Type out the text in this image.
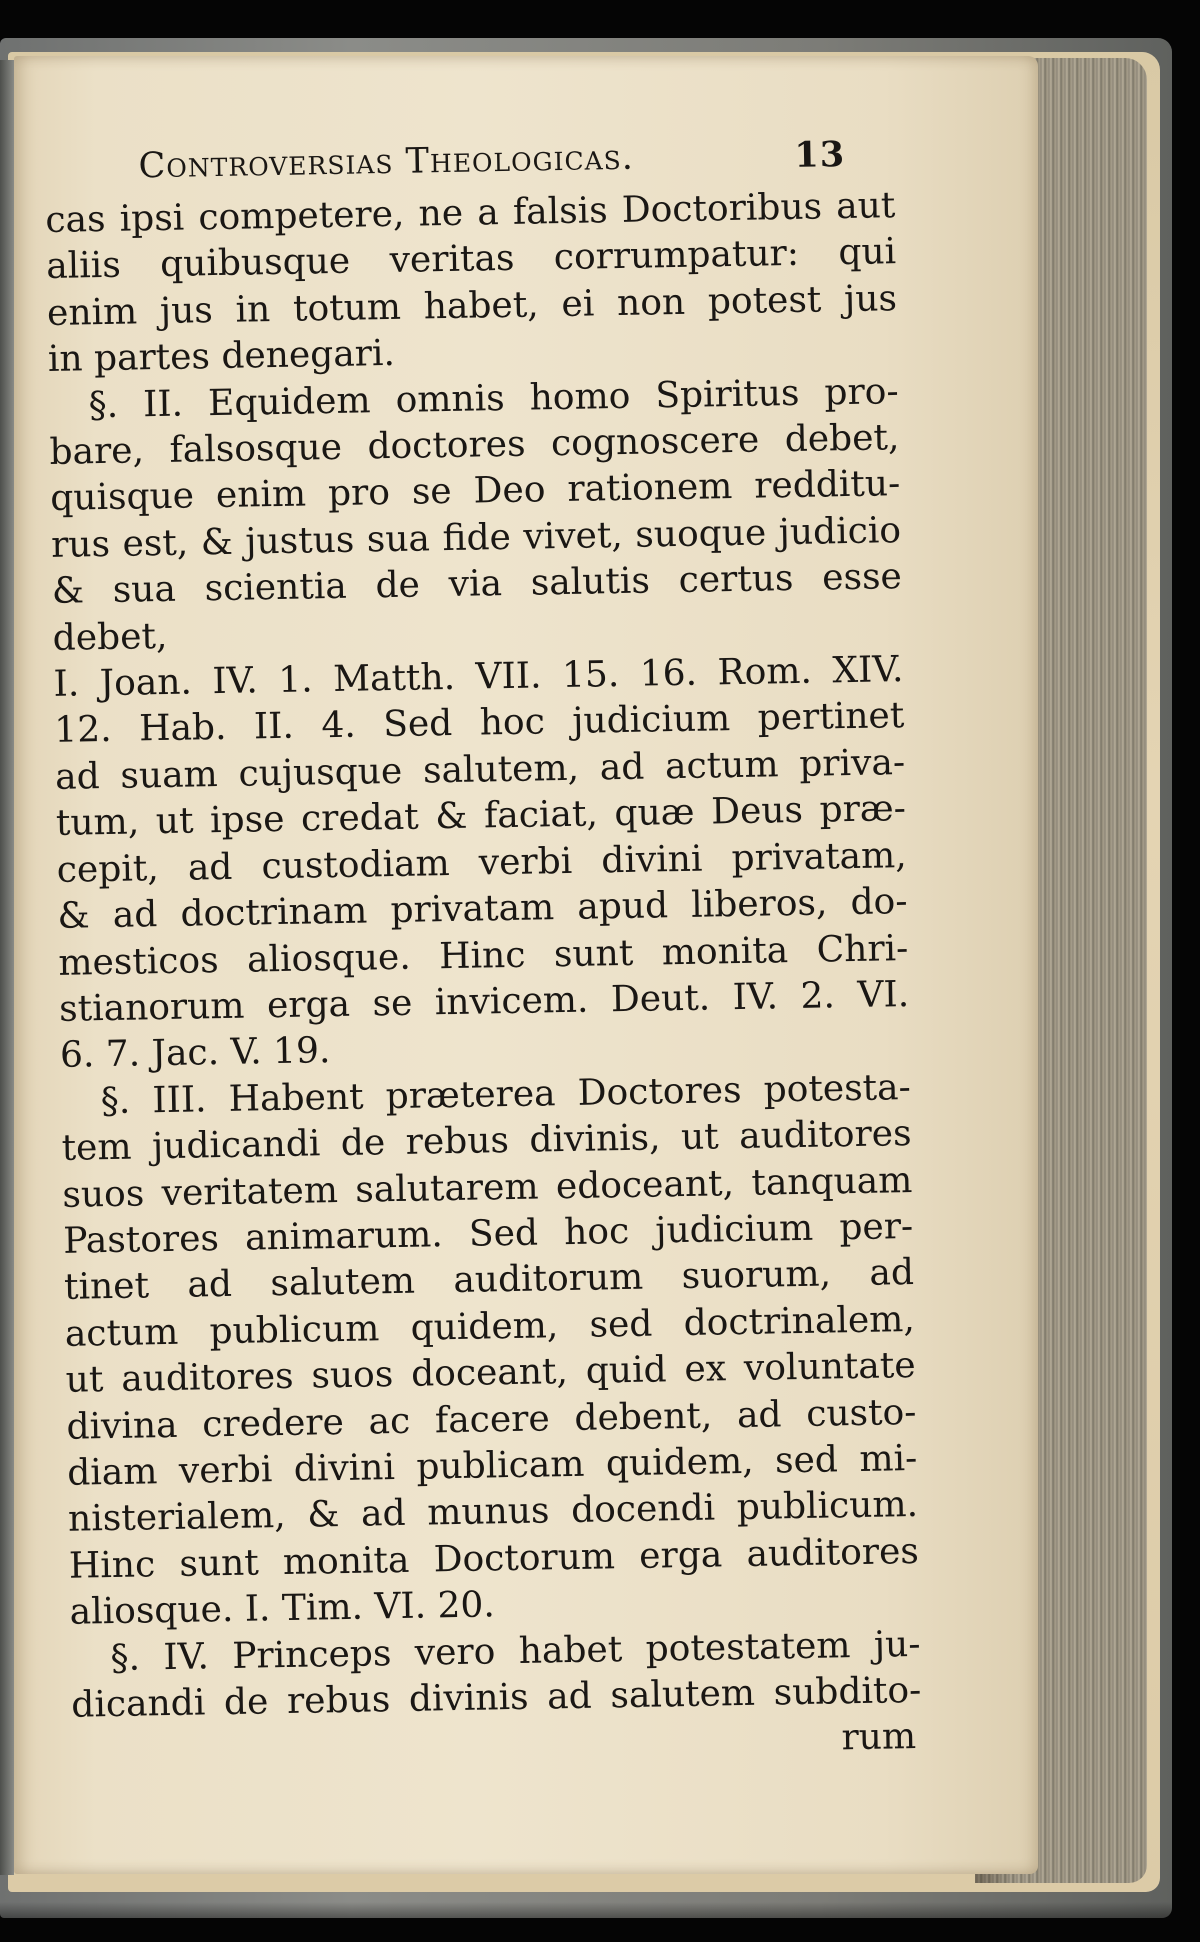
Controversias Theologicas.	13

cas ipsi competere, ne a falsis Doctoribus aut

aliis quibusque veritas corrumpatur: qui

enim jus in totum habet, ei non potest jus

in partes denegari.

§. II. Equidem omnis homo Spiritus pro-

bare, falsosque doctores cognoscere debet,

quisque enim pro se Deo rationem redditu-

rus est, & justus sua fide vivet, suoque judicio

& sua scientia de via salutis certus esse debet,

I. Joan. IV. 1. Matth. VII. 15. 16. Rom. XIV.

12. Hab. II. 4. Sed hoc judicium pertinet

ad suam cujusque salutem, ad actum priva-

tum, ut ipse credat & faciat, quæ Deus præ-

cepit, ad custodiam verbi divini privatam,

& ad doctrinam privatam apud liberos, do-

mesticos aliosque. Hinc sunt monita Chri-

stianorum erga se invicem. Deut. IV. 2. VI.

6. 7. Jac. V. 19.

§. III. Habent præterea Doctores potesta-

tem judicandi de rebus divinis, ut auditores

suos veritatem salutarem edoceant, tanquam

Pastores animarum. Sed hoc judicium per-

tinet ad salutem auditorum suorum, ad

actum publicum quidem, sed doctrinalem,

ut auditores suos doceant, quid ex voluntate

divina credere ac facere debent, ad custo-

diam verbi divini publicam quidem, sed mi-

nisterialem, & ad munus docendi publicum.

Hinc sunt monita Doctorum erga auditores

aliosque. I. Tim. VI. 20.

§. IV. Princeps vero habet potestatem ju-

dicandi de rebus divinis ad salutem subdito-

rum
